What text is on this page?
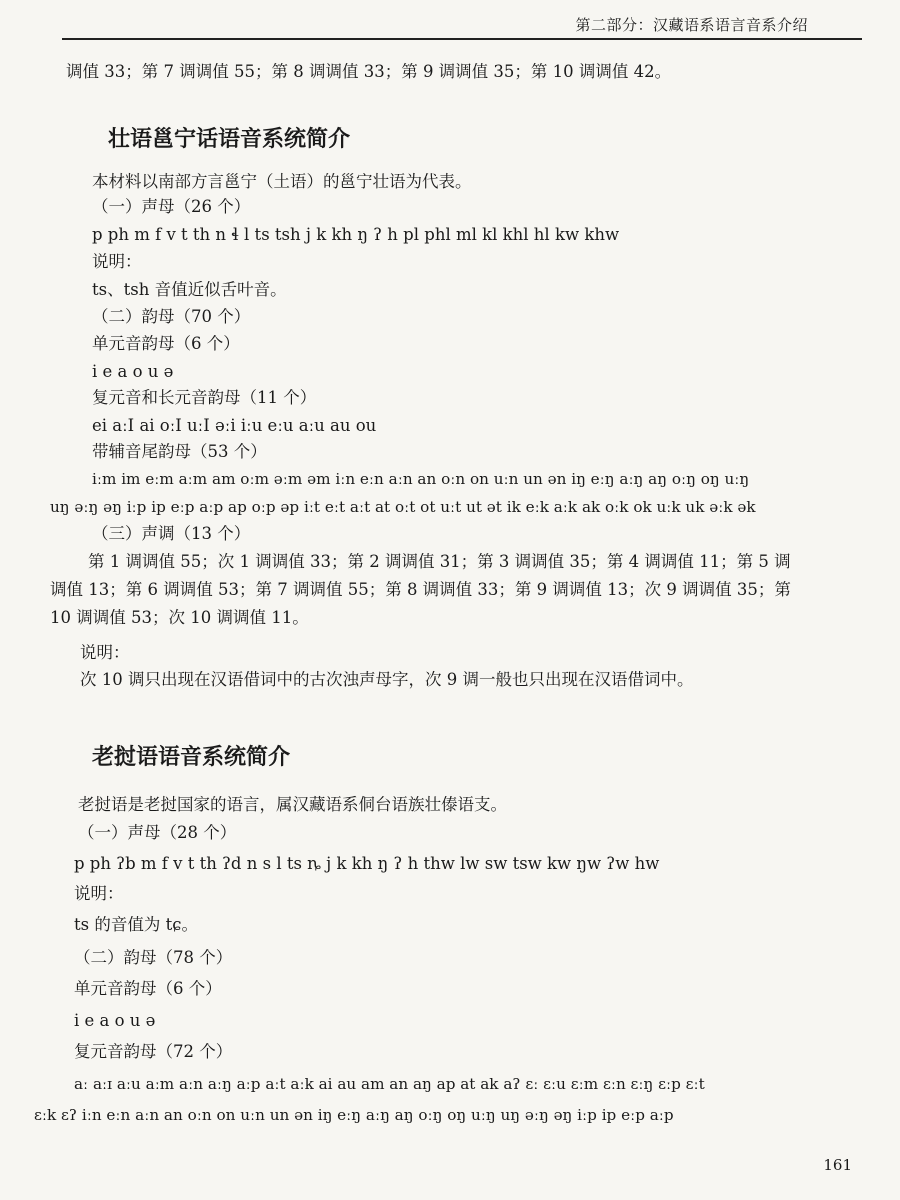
第二部分：汉藏语系语言音系介绍
调值 33；第 7 调调值 55；第 8 调调值 33；第 9 调调值 35；第 10 调调值 42。
壮语邕宁话语音系统简介
本材料以南部方言邕宁（土语）的邕宁壮语为代表。
（一）声母（26 个）
p ph m f v t th n ɬ l ts tsh j k kh ŋ ʔ h pl phl ml kl khl hl kw khw
说明：
ts、tsh 音值近似舌叶音。
（二）韵母（70 个）
单元音韵母（6 个）
i e a o u ə
复元音和长元音韵母（11 个）
ei aːI ai oːI uːI əːi iːu eːu aːu au ou
带辅音尾韵母（53 个）
iːm im eːm aːm am oːm əːm əm iːn eːn aːn an oːn on uːn un ən iŋ eːŋ aːŋ aŋ oːŋ oŋ uːŋ
uŋ əːŋ əŋ iːp ip eːp aːp ap oːp əp iːt eːt aːt at oːt ot uːt ut ət ik eːk aːk ak oːk ok uːk uk əːk ək
（三）声调（13 个）
第 1 调调值 55；次 1 调调值 33；第 2 调调值 31；第 3 调调值 35；第 4 调调值 11；第 5 调
调值 13；第 6 调调值 53；第 7 调调值 55；第 8 调调值 33；第 9 调调值 13；次 9 调调值 35；第
10 调调值 53；次 10 调调值 11。
说明：
次 10 调只出现在汉语借词中的古次浊声母字，次 9 调一般也只出现在汉语借词中。
老挝语语音系统简介
老挝语是老挝国家的语言，属汉藏语系侗台语族壮傣语支。
（一）声母（28 个）
p ph ʔb m f v t th ʔd n s l ts ȵ j k kh ŋ ʔ h thw lw sw tsw kw ŋw ʔw hw
说明：
ts 的音值为 tɕ。
（二）韵母（78 个）
单元音韵母（6 个）
i e a o u ə
复元音韵母（72 个）
aː aːɪ aːu aːm aːn aːŋ aːp aːt aːk ai au am an aŋ ap at ak aʔ ɛː ɛːu ɛːm ɛːn ɛːŋ ɛːp ɛːt
ɛːk ɛʔ iːn eːn aːn an oːn on uːn un ən iŋ eːŋ aːŋ aŋ oːŋ oŋ uːŋ uŋ əːŋ əŋ iːp ip eːp aːp
161
